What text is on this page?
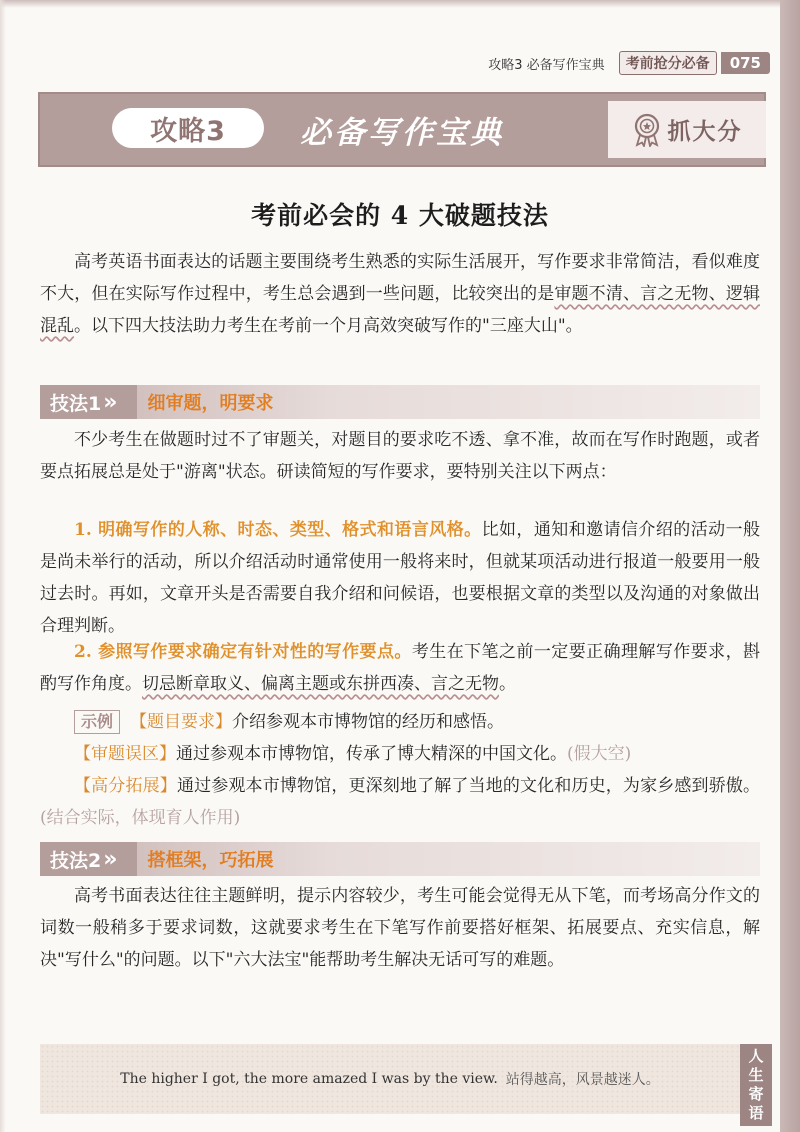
攻略3 必备写作宝典	考前抢分必备	075
攻略3	必备写作宝典	抓大分
考前必会的 4 大破题技法

高考英语书面表达的话题主要围绕考生熟悉的实际生活展开，写作要求非常简洁，看似难度不大，但在实际写作过程中，考生总会遇到一些问题，比较突出的是审题不清、言之无物、逻辑混乱。以下四大技法助力考生在考前一个月高效突破写作的"三座大山"。

技法1 » 细审题，明要求

不少考生在做题时过不了审题关，对题目的要求吃不透、拿不准，故而在写作时跑题，或者要点拓展总是处于"游离"状态。研读简短的写作要求，要特别关注以下两点：

1. 明确写作的人称、时态、类型、格式和语言风格。比如，通知和邀请信介绍的活动一般是尚未举行的活动，所以介绍活动时通常使用一般将来时，但就某项活动进行报道一般要用一般过去时。再如，文章开头是否需要自我介绍和问候语，也要根据文章的类型以及沟通的对象做出合理判断。

2. 参照写作要求确定有针对性的写作要点。考生在下笔之前一定要正确理解写作要求，斟酌写作角度。切忌断章取义、偏离主题或东拼西凑、言之无物。

示例 【题目要求】介绍参观本市博物馆的经历和感悟。

【审题误区】通过参观本市博物馆，传承了博大精深的中国文化。(假大空)

【高分拓展】通过参观本市博物馆，更深刻地了解了当地的文化和历史，为家乡感到骄傲。(结合实际，体现育人作用)

技法2 » 搭框架，巧拓展

高考书面表达往往主题鲜明，提示内容较少，考生可能会觉得无从下笔，而考场高分作文的词数一般稍多于要求词数，这就要求考生在下笔写作前要搭好框架、拓展要点、充实信息，解决"写什么"的问题。以下"六大法宝"能帮助考生解决无话可写的难题。

The higher I got, the more amazed I was by the view. 站得越高，风景越迷人。
人
生
寄
语
